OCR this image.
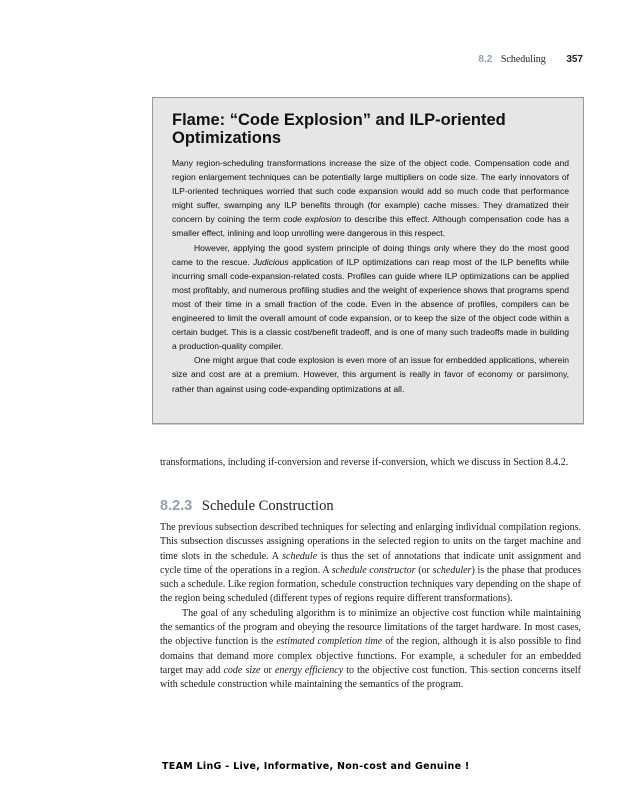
8.2 Scheduling 357
Flame: “Code Explosion” and ILP-oriented Optimizations

Many region-scheduling transformations increase the size of the object code. Compensation code and region enlargement techniques can be potentially large multipliers on code size. The early innovators of ILP-oriented techniques worried that such code expansion would add so much code that performance might suffer, swamping any ILP benefits through (for example) cache misses. They dramatized their concern by coining the term code explosion to describe this effect. Although compensation code has a smaller effect, inlining and loop unrolling were dangerous in this respect.

However, applying the good system principle of doing things only where they do the most good came to the rescue. Judicious application of ILP optimizations can reap most of the ILP benefits while incurring small code-expansion-related costs. Profiles can guide where ILP optimizations can be applied most profitably, and numerous profiling studies and the weight of experience shows that programs spend most of their time in a small fraction of the code. Even in the absence of profiles, compilers can be engineered to limit the overall amount of code expansion, or to keep the size of the object code within a certain budget. This is a classic cost/benefit tradeoff, and is one of many such tradeoffs made in building a production-quality compiler.

One might argue that code explosion is even more of an issue for embedded applications, wherein size and cost are at a premium. However, this argument is really in favor of economy or parsimony, rather than against using code-expanding optimizations at all.

transformations, including if-conversion and reverse if-conversion, which we discuss in Section 8.4.2.

8.2.3 Schedule Construction

The previous subsection described techniques for selecting and enlarging individual compilation regions. This subsection discusses assigning operations in the selected region to units on the target machine and time slots in the schedule. A schedule is thus the set of annotations that indicate unit assignment and cycle time of the operations in a region. A schedule constructor (or scheduler) is the phase that produces such a schedule. Like region formation, schedule construction techniques vary depending on the shape of the region being scheduled (different types of regions require different transformations).

The goal of any scheduling algorithm is to minimize an objective cost function while maintaining the semantics of the program and obeying the resource limitations of the target hardware. In most cases, the objective function is the estimated completion time of the region, although it is also possible to find domains that demand more complex objective functions. For example, a scheduler for an embedded target may add code size or energy efficiency to the objective cost function. This section concerns itself with schedule construction while maintaining the semantics of the program.

TEAM LinG - Live, Informative, Non-cost and Genuine !
